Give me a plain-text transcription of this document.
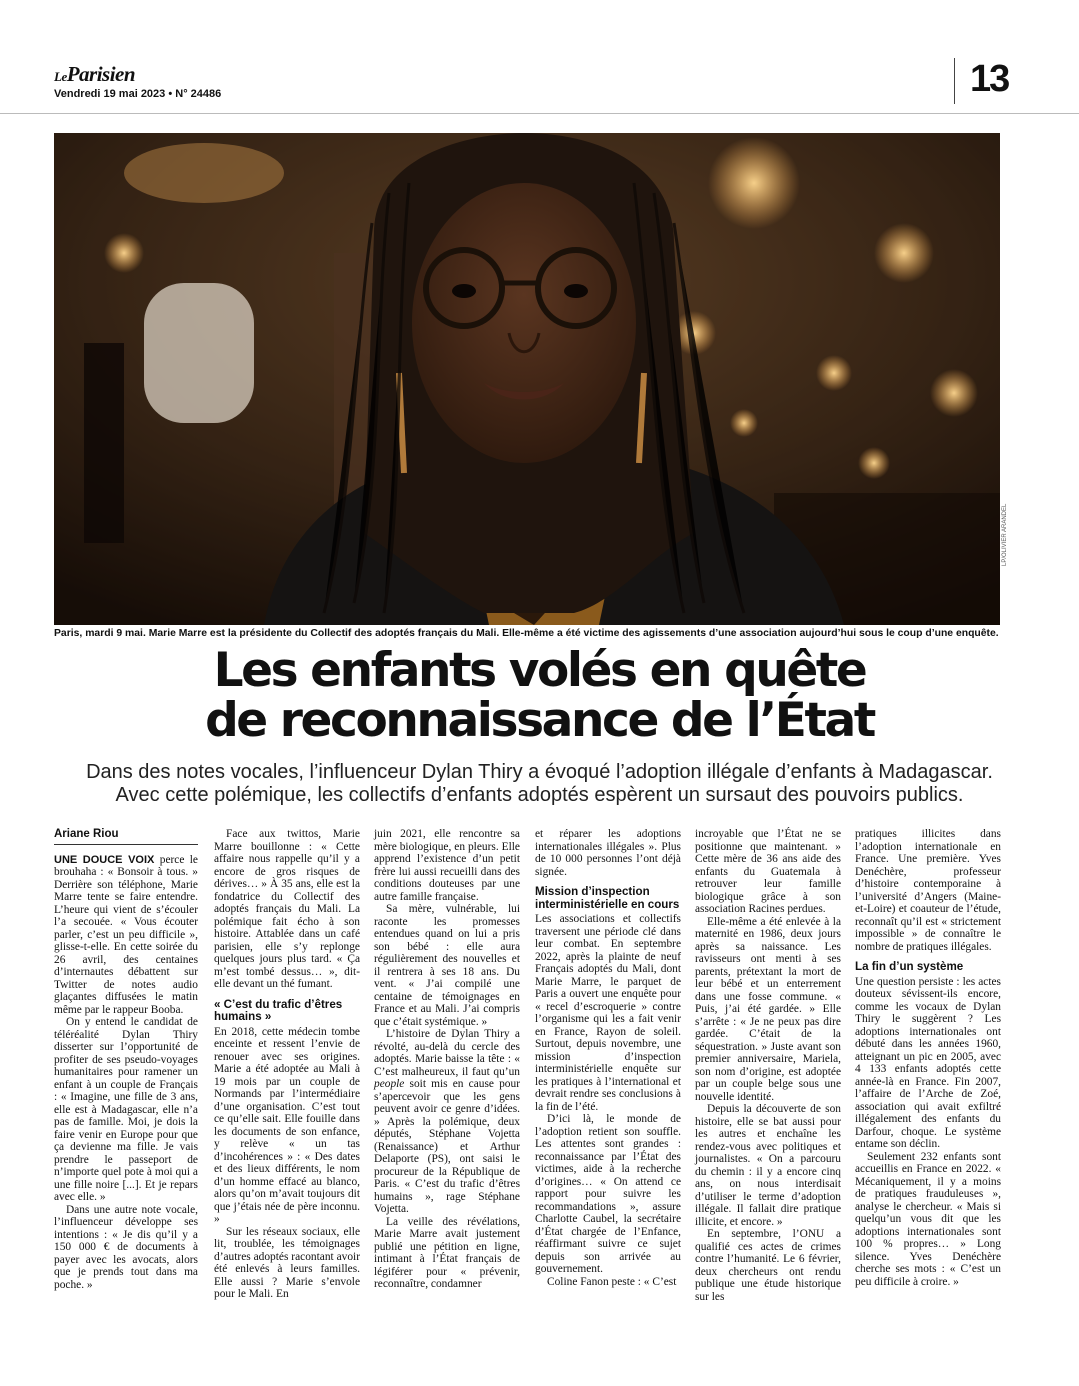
LeParisien
Vendredi 19 mai 2023 • N° 24486	13
LP/OLIVIER ARANDEL
Paris, mardi 9 mai. Marie Marre est la présidente du Collectif des adoptés français du Mali. Elle-même a été victime des agissements d’une association aujourd’hui sous le coup d’une enquête.
Les enfants volés en quête
de reconnaissance de l’État
Dans des notes vocales, l’influenceur Dylan Thiry a évoqué l’adoption illégale d’enfants à Madagascar.
Avec cette polémique, les collectifs d’enfants adoptés espèrent un sursaut des pouvoirs publics.
Ariane Riou

UNE DOUCE VOIX perce le brouhaha : « Bonsoir à tous. » Derrière son téléphone, Marie Marre tente se faire entendre. L’heure qui vient de s’écouler l’a secouée. « Vous écouter parler, c’est un peu difficile », glisse-t-elle. En cette soirée du 26 avril, des centaines d’internautes débattent sur Twitter de notes audio glaçantes diffusées le matin même par le rappeur Booba.

On y entend le candidat de téléréalité Dylan Thiry disserter sur l’opportunité de profiter de ses pseudo-voyages humanitaires pour ramener un enfant à un couple de Français : « Imagine, une fille de 3 ans, elle est à Madagascar, elle n’a pas de famille. Moi, je dois la faire venir en Europe pour que ça devienne ma fille. Je vais prendre le passeport de n’importe quel pote à moi qui a une fille noire [...]. Et je repars avec elle. »

Dans une autre note vocale, l’influenceur développe ses intentions : « Je dis qu’il y a 150 000 € de documents à payer avec les avocats, alors que je prends tout dans ma poche. »

Face aux twittos, Marie Marre bouillonne : « Cette affaire nous rappelle qu’il y a encore de gros risques de dérives… » À 35 ans, elle est la fondatrice du Collectif des adoptés français du Mali. La polémique fait écho à son histoire. Attablée dans un café parisien, elle s’y replonge quelques jours plus tard. « Ça m’est tombé dessus… », dit-elle devant un thé fumant.

« C’est du trafic d’êtres humains »

En 2018, cette médecin tombe enceinte et ressent l’envie de renouer avec ses origines. Marie a été adoptée au Mali à 19 mois par un couple de Normands par l’intermédiaire d’une organisation. C’est tout ce qu’elle sait. Elle fouille dans les documents de son enfance, y relève « un tas d’incohérences » : « Des dates et des lieux différents, le nom d’un homme effacé au blanco, alors qu’on m’avait toujours dit que j’étais née de père inconnu. »

Sur les réseaux sociaux, elle lit, troublée, les témoignages d’autres adoptés racontant avoir été enlevés à leurs familles. Elle aussi ? Marie s’envole pour le Mali. En

juin 2021, elle rencontre sa mère biologique, en pleurs. Elle apprend l’existence d’un petit frère lui aussi recueilli dans des conditions douteuses par une autre famille française.

Sa mère, vulnérable, lui raconte les promesses entendues quand on lui a pris son bébé : elle aura régulièrement des nouvelles et il rentrera à ses 18 ans. Du vent. « J’ai compilé une centaine de témoignages en France et au Mali. J’ai compris que c’était systémique. »

L’histoire de Dylan Thiry a révolté, au-delà du cercle des adoptés. Marie baisse la tête : « C’est malheureux, il faut qu’un people soit mis en cause pour s’apercevoir que les gens peuvent avoir ce genre d’idées. » Après la polémique, deux députés, Stéphane Vojetta (Renaissance) et Arthur Delaporte (PS), ont saisi le procureur de la République de Paris. « C’est du trafic d’êtres humains », rage Stéphane Vojetta.

La veille des révélations, Marie Marre avait justement publié une pétition en ligne, intimant à l’État français de légiférer pour « prévenir, reconnaître, condamner

et réparer les adoptions internationales illégales ». Plus de 10 000 personnes l’ont déjà signée.

Mission d’inspection interministérielle en cours

Les associations et collectifs traversent une période clé dans leur combat. En septembre 2022, après la plainte de neuf Français adoptés du Mali, dont Marie Marre, le parquet de Paris a ouvert une enquête pour « recel d’escroquerie » contre l’organisme qui les a fait venir en France, Rayon de soleil. Surtout, depuis novembre, une mission d’inspection interministérielle enquête sur les pratiques à l’international et devrait rendre ses conclusions à la fin de l’été.

D’ici là, le monde de l’adoption retient son souffle. Les attentes sont grandes : reconnaissance par l’État des victimes, aide à la recherche d’origines… « On attend ce rapport pour suivre les recommandations », assure Charlotte Caubel, la secrétaire d’État chargée de l’Enfance, réaffirmant suivre ce sujet depuis son arrivée au gouvernement.

Coline Fanon peste : « C’est

incroyable que l’État ne se positionne que maintenant. » Cette mère de 36 ans aide des enfants du Guatemala à retrouver leur famille biologique grâce à son association Racines perdues.

Elle-même a été enlevée à la maternité en 1986, deux jours après sa naissance. Les ravisseurs ont menti à ses parents, prétextant la mort de leur bébé et un enterrement dans une fosse commune. « Puis, j’ai été gardée. » Elle s’arrête : « Je ne peux pas dire gardée. C’était de la séquestration. » Juste avant son premier anniversaire, Mariela, son nom d’origine, est adoptée par un couple belge sous une nouvelle identité.

Depuis la découverte de son histoire, elle se bat aussi pour les autres et enchaîne les rendez-vous avec politiques et journalistes. « On a parcouru du chemin : il y a encore cinq ans, on nous interdisait d’utiliser le terme d’adoption illégale. Il fallait dire pratique illicite, et encore. »

En septembre, l’ONU a qualifié ces actes de crimes contre l’humanité. Le 6 février, deux chercheurs ont rendu publique une étude historique sur les

pratiques illicites dans l’adoption internationale en France. Une première. Yves Denéchère, professeur d’histoire contemporaine à l’université d’Angers (Maine-et-Loire) et coauteur de l’étude, reconnaît qu’il est « strictement impossible » de connaître le nombre de pratiques illégales.

La fin d’un système

Une question persiste : les actes douteux sévissent-ils encore, comme les vocaux de Dylan Thiry le suggèrent ? Les adoptions internationales ont débuté dans les années 1960, atteignant un pic en 2005, avec 4 133 enfants adoptés cette année-là en France. Fin 2007, l’affaire de l’Arche de Zoé, association qui avait exfiltré illégalement des enfants du Darfour, choque. Le système entame son déclin.

Seulement 232 enfants sont accueillis en France en 2022. « Mécaniquement, il y a moins de pratiques frauduleuses », analyse le chercheur. « Mais si quelqu’un vous dit que les adoptions internationales sont 100 % propres… » Long silence. Yves Denéchère cherche ses mots : « C’est un peu difficile à croire. »
